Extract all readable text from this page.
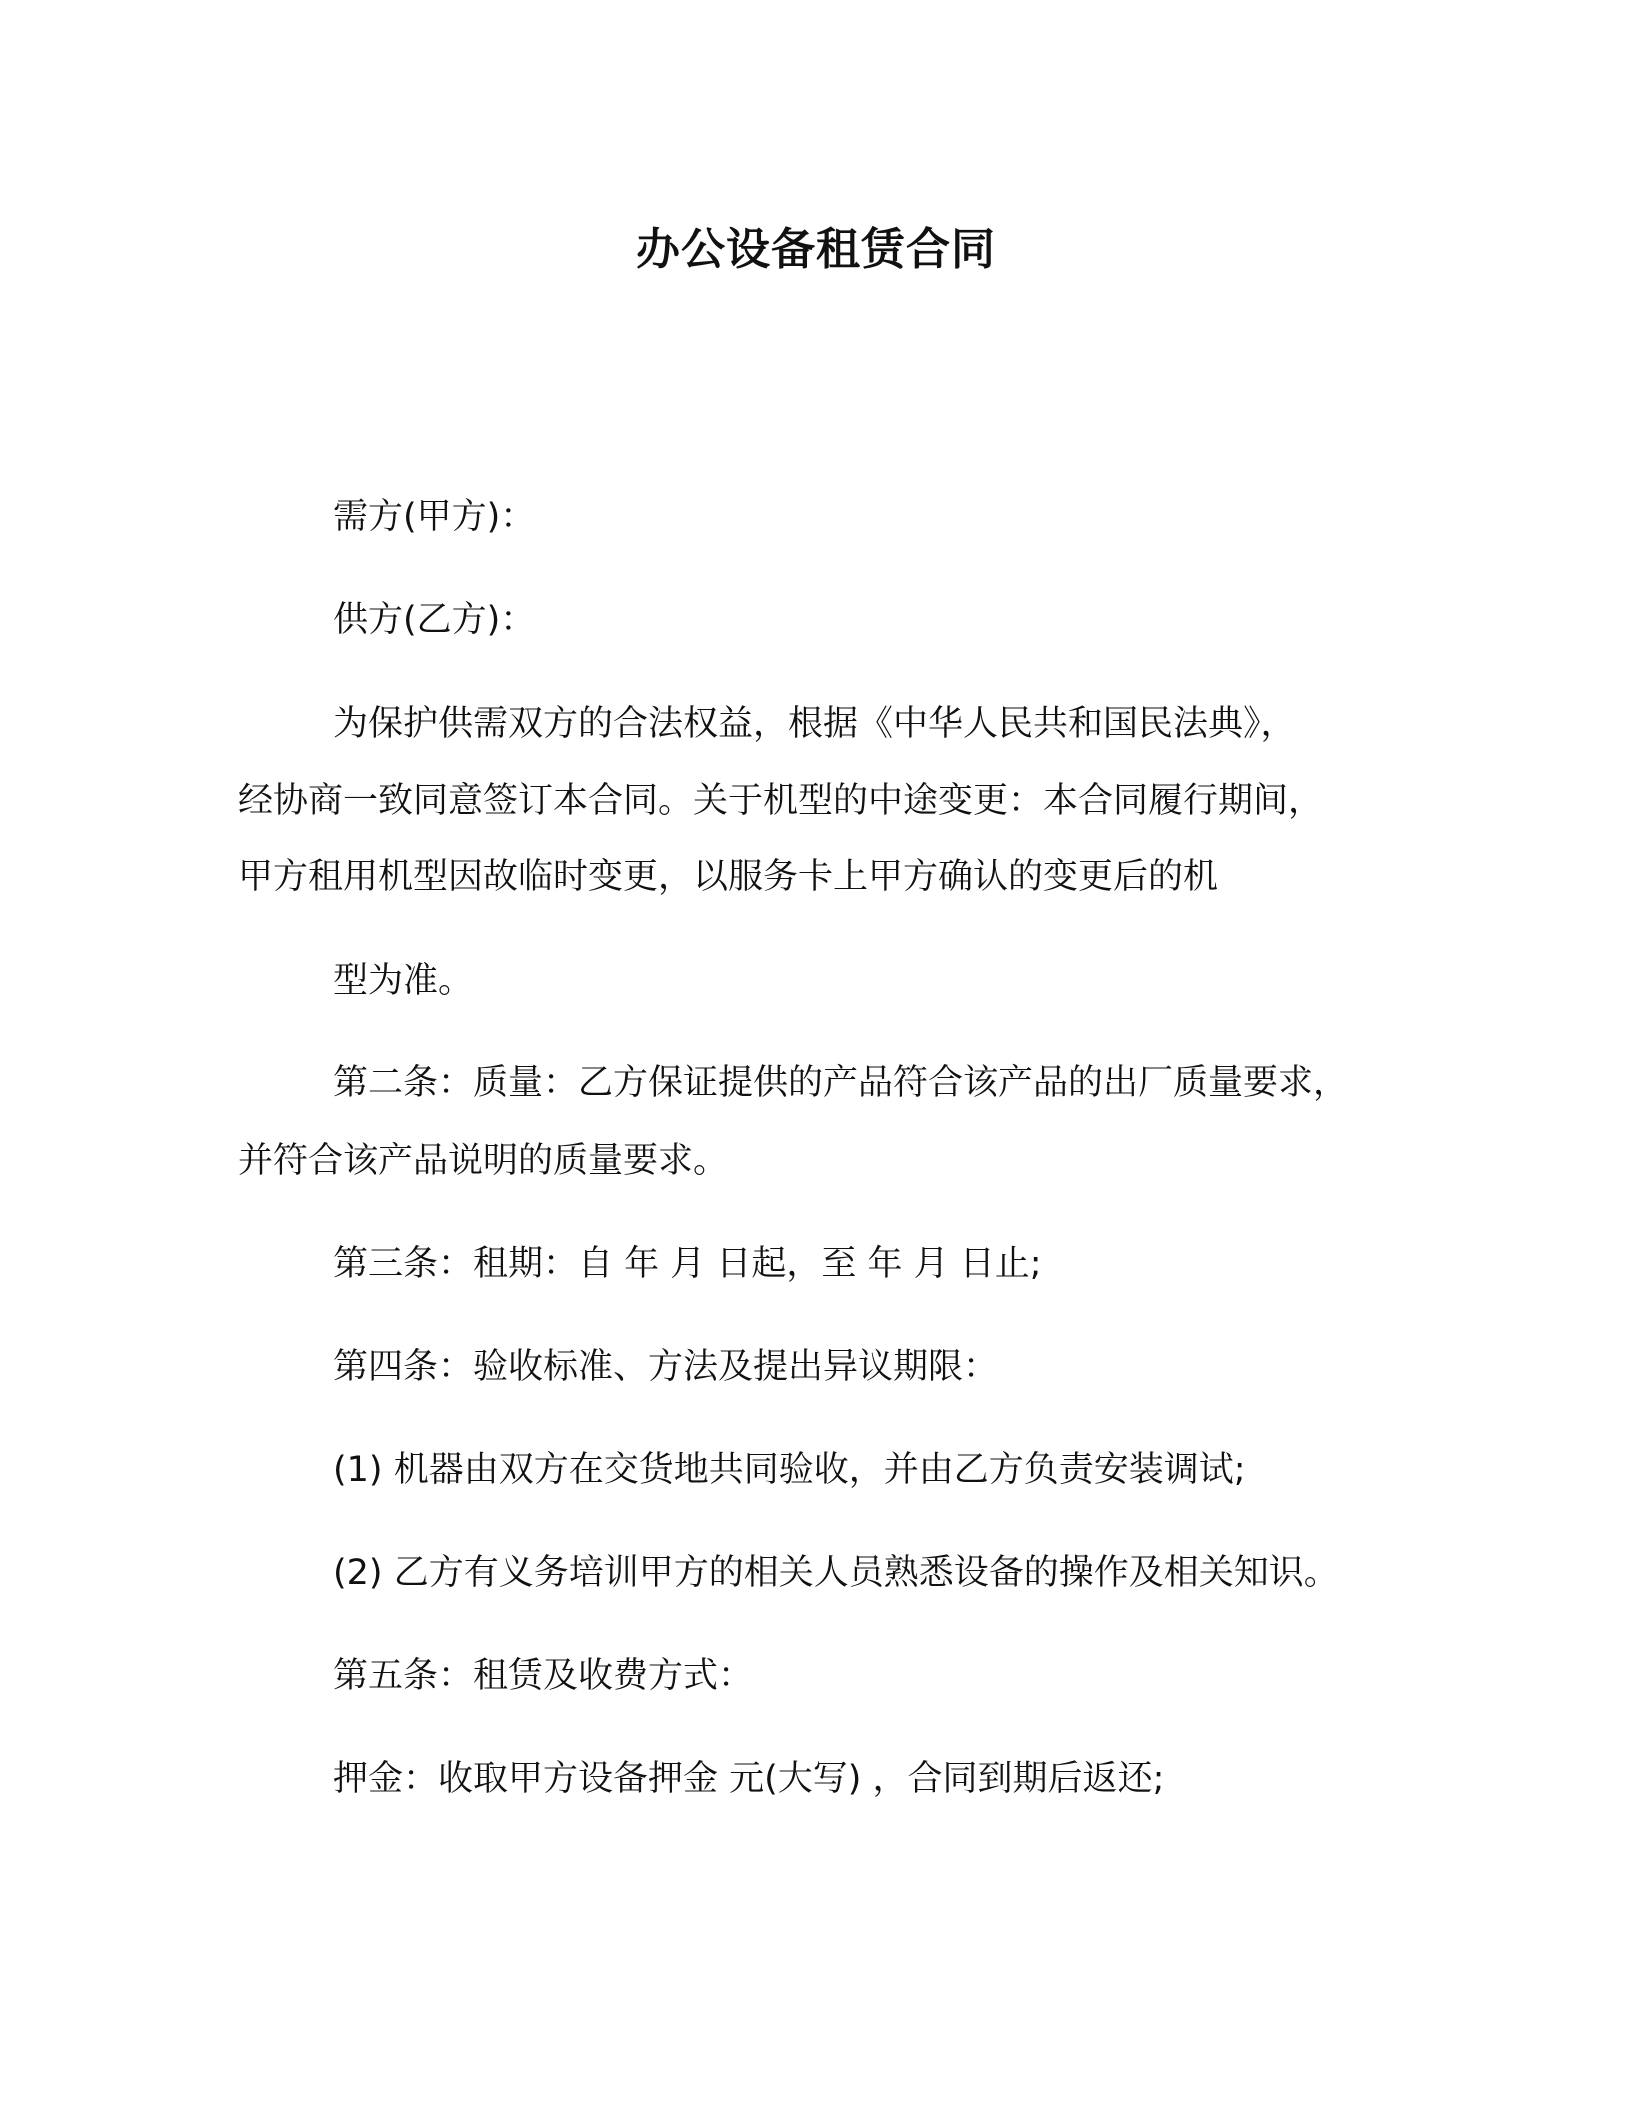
办公设备租赁合同
需方(甲方)：
供方(乙方)：
为保护供需双方的合法权益，根据《中华人民共和国民法典》，
经协商一致同意签订本合同。关于机型的中途变更：本合同履行期间，
甲方租用机型因故临时变更，以服务卡上甲方确认的变更后的机
型为准。
第二条：质量：乙方保证提供的产品符合该产品的出厂质量要求，
并符合该产品说明的质量要求。
第三条：租期：自 年 月 日起，至 年 月 日止;
第四条：验收标准、方法及提出异议期限：
(1) 机器由双方在交货地共同验收，并由乙方负责安装调试;
(2) 乙方有义务培训甲方的相关人员熟悉设备的操作及相关知识。
第五条：租赁及收费方式：
押金：收取甲方设备押金 元(大写) ，合同到期后返还;
